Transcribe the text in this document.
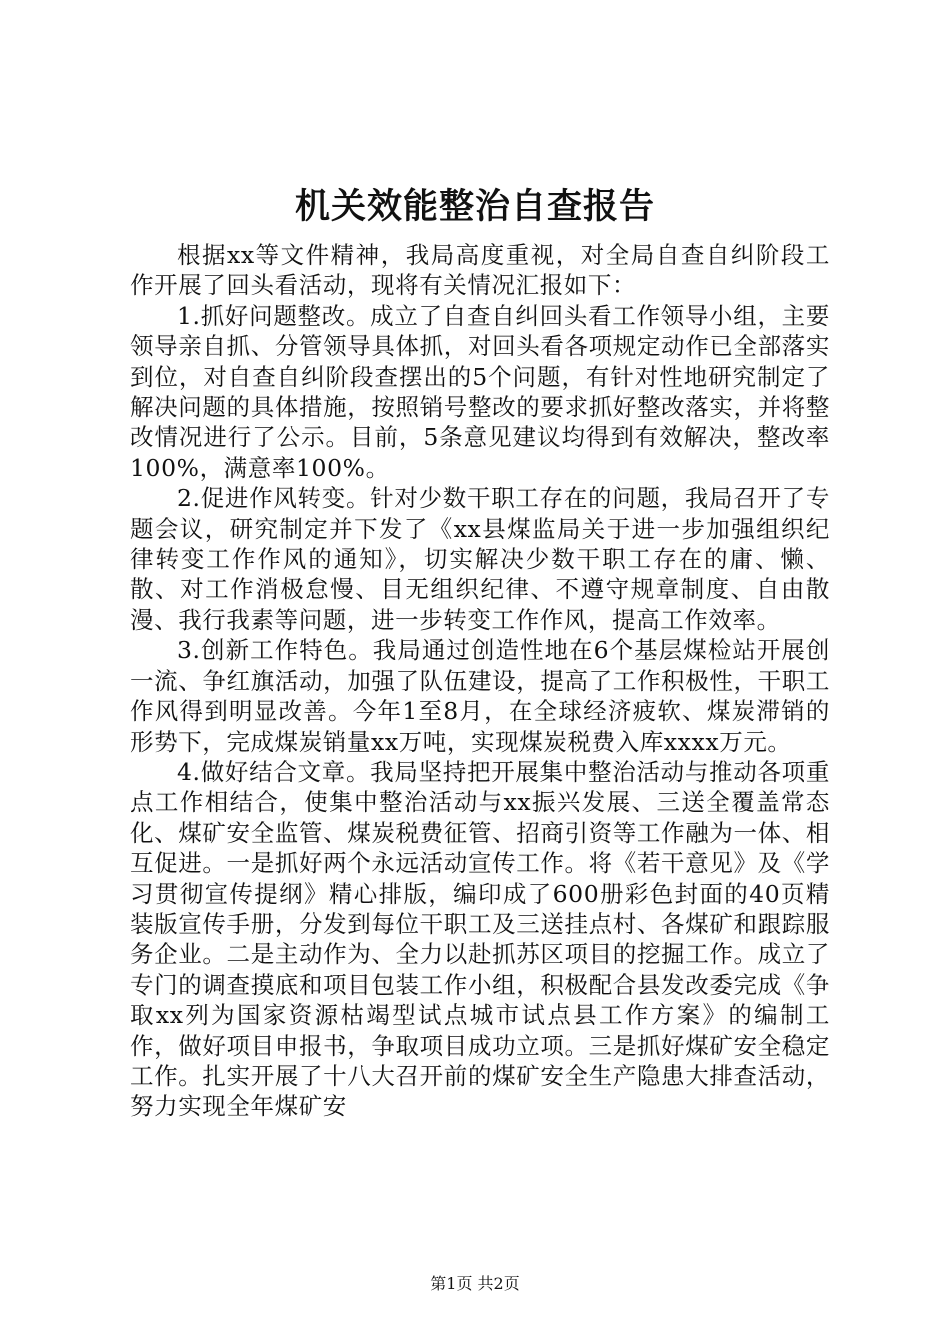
机关效能整治自查报告

根据xx等文件精神，我局高度重视，对全局自查自纠阶段工作开展了回头看活动，现将有关情况汇报如下：

1.抓好问题整改。成立了自查自纠回头看工作领导小组，主要领导亲自抓、分管领导具体抓，对回头看各项规定动作已全部落实到位，对自查自纠阶段查摆出的5个问题，有针对性地研究制定了解决问题的具体措施，按照销号整改的要求抓好整改落实，并将整改情况进行了公示。目前，5条意见建议均得到有效解决，整改率100%，满意率100%。

2.促进作风转变。针对少数干职工存在的问题，我局召开了专题会议，研究制定并下发了《xx县煤监局关于进一步加强组织纪律转变工作作风的通知》，切实解决少数干职工存在的庸、懒、散、对工作消极怠慢、目无组织纪律、不遵守规章制度、自由散漫、我行我素等问题，进一步转变工作作风，提高工作效率。

3.创新工作特色。我局通过创造性地在6个基层煤检站开展创一流、争红旗活动，加强了队伍建设，提高了工作积极性，干职工作风得到明显改善。今年1至8月，在全球经济疲软、煤炭滞销的形势下，完成煤炭销量xx万吨，实现煤炭税费入库xxxx万元。

4.做好结合文章。我局坚持把开展集中整治活动与推动各项重点工作相结合，使集中整治活动与xx振兴发展、三送全覆盖常态化、煤矿安全监管、煤炭税费征管、招商引资等工作融为一体、相互促进。一是抓好两个永远活动宣传工作。将《若干意见》及《学习贯彻宣传提纲》精心排版，编印成了600册彩色封面的40页精装版宣传手册，分发到每位干职工及三送挂点村、各煤矿和跟踪服务企业。二是主动作为、全力以赴抓苏区项目的挖掘工作。成立了专门的调查摸底和项目包装工作小组，积极配合县发改委完成《争取xx列为国家资源枯竭型试点城市试点县工作方案》的编制工作，做好项目申报书，争取项目成功立项。三是抓好煤矿安全稳定工作。扎实开展了十八大召开前的煤矿安全生产隐患大排查活动，努力实现全年煤矿安

第1页 共2页
